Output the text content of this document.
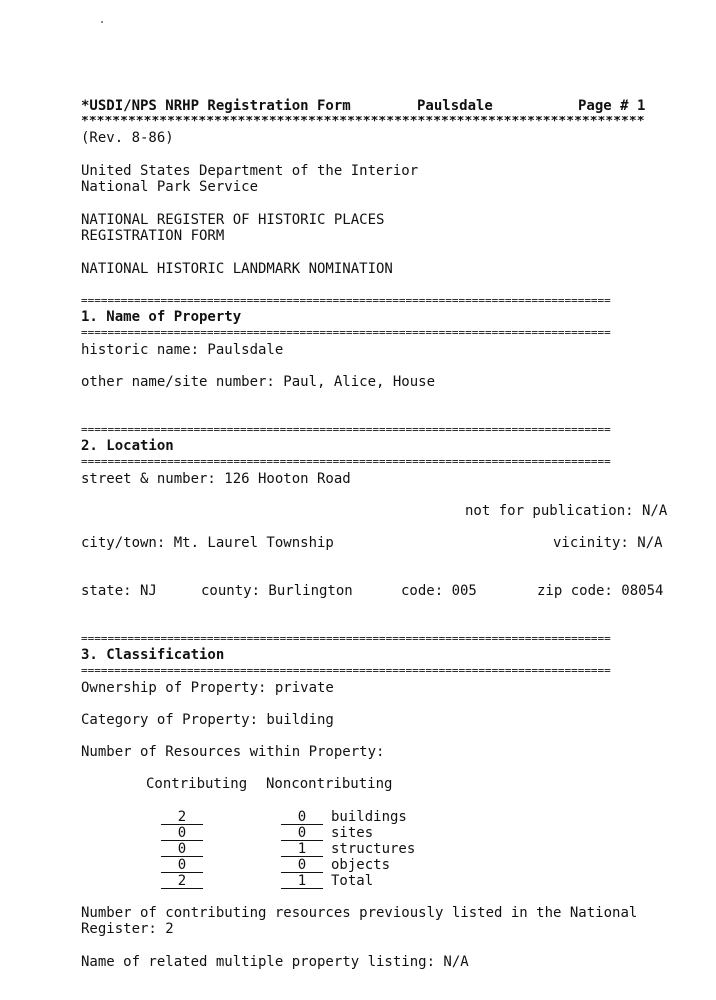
*USDI/NPS NRHP Registration Form	Paulsdale	Page # 1
************************************************************************
(Rev. 8-86)
United States Department of the Interior
National Park Service
NATIONAL REGISTER OF HISTORIC PLACES
REGISTRATION FORM
NATIONAL HISTORIC LANDMARK NOMINATION
================================================================================
1. Name of Property
================================================================================
historic name: Paulsdale
other name/site number: Paul, Alice, House
================================================================================
2. Location
================================================================================
street & number: 126 Hooton Road
not for publication: N/A
city/town: Mt. Laurel Township	vicinity: N/A
state: NJ	county: Burlington	code: 005	zip code: 08054
================================================================================
3. Classification
================================================================================
Ownership of Property: private
Category of Property: building
Number of Resources within Property:
Contributing Noncontributing
2	0	buildings
0	0	sites
0	1	structures
0	0	objects
2	1	Total
Number of contributing resources previously listed in the National
Register: 2
Name of related multiple property listing: N/A
